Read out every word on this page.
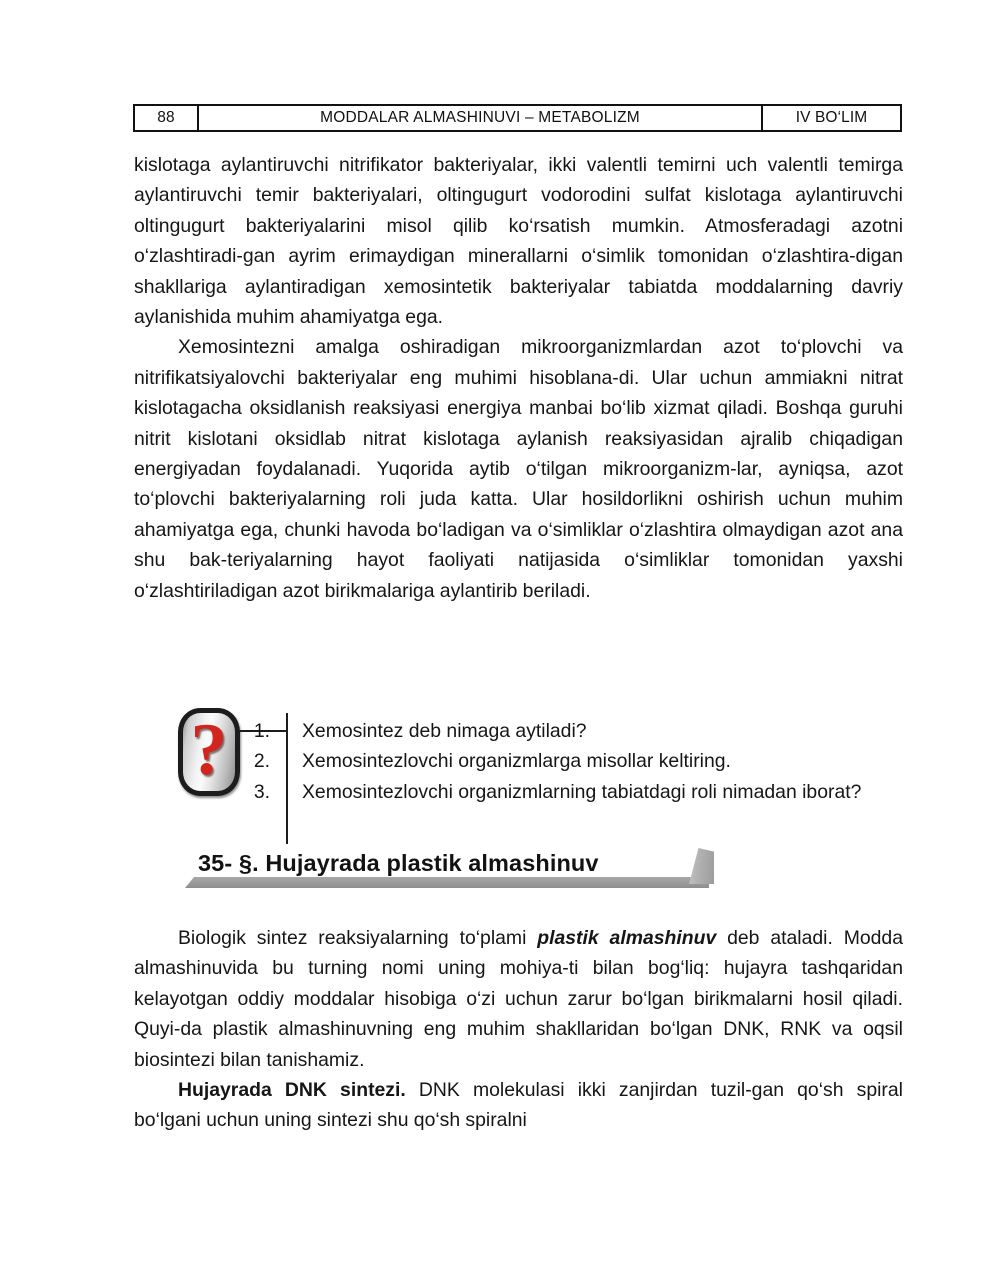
88	MODDALAR ALMASHINUVI – METABOLIZM	IV BO‘LIM

kislotaga aylantiruvchi nitrifikator bakteriyalar, ikki valentli temirni uch valentli temirga aylantiruvchi temir bakteriyalari, oltingugurt vodorodini sulfat kislotaga aylantiruvchi oltingugurt bakteriyalarini misol qilib ko‘rsatish mumkin. Atmosferadagi azotni o‘zlashtiradi-gan ayrim erimaydigan minerallarni o‘simlik tomonidan o‘zlashtira-digan shakllariga aylantiradigan xemosintetik bakteriyalar tabiatda moddalarning davriy aylanishida muhim ahamiyatga ega.

Xemosintezni amalga oshiradigan mikroorganizmlardan azot to‘plovchi va nitrifikatsiyalovchi bakteriyalar eng muhimi hisoblana-di. Ular uchun ammiakni nitrat kislotagacha oksidlanish reaksiyasi energiya manbai bo‘lib xizmat qiladi. Boshqa guruhi nitrit kislotani oksidlab nitrat kislotaga aylanish reaksiyasidan ajralib chiqadigan energiyadan foydalanadi. Yuqorida aytib o‘tilgan mikroorganizm-lar, ayniqsa, azot to‘plovchi bakteriyalarning roli juda katta. Ular hosildorlikni oshirish uchun muhim ahamiyatga ega, chunki havoda bo‘ladigan va o‘simliklar o‘zlashtira olmaydigan azot ana shu bak-teriyalarning hayot faoliyati natijasida o‘simliklar tomonidan yaxshi o‘zlashtiriladigan azot birikmalariga aylantirib beriladi.

?	1.	Xemosintez deb nimaga aytiladi?
2.	Xemosintezlovchi organizmlarga misollar keltiring.
3.	Xemosintezlovchi organizmlarning tabiatdagi roli nimadan iborat?
35- §. Hujayrada plastik almashinuv

Biologik sintez reaksiyalarning to‘plami plastik almashinuv deb ataladi. Modda almashinuvida bu turning nomi uning mohiya-ti bilan bog‘liq: hujayra tashqaridan kelayotgan oddiy moddalar hisobiga o‘zi uchun zarur bo‘lgan birikmalarni hosil qiladi. Quyi-da plastik almashinuvning eng muhim shakllaridan bo‘lgan DNK, RNK va oqsil biosintezi bilan tanishamiz.

Hujayrada DNK sintezi. DNK molekulasi ikki zanjirdan tuzil-gan qo‘sh spiral bo‘lgani uchun uning sintezi shu qo‘sh spiralni
